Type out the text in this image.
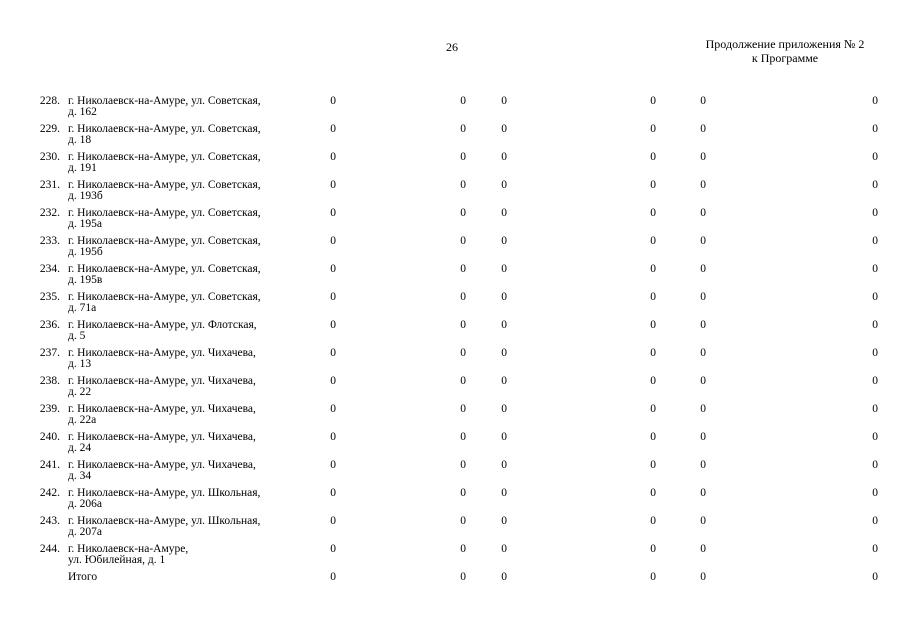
26	Продолжение приложения № 2
к Программе
228. г. Николаевск-на-Амуре, ул. Советская,
д. 162
0	0	0	0	0	0
229. г. Николаевск-на-Амуре, ул. Советская,
д. 18
0	0	0	0	0	0
230. г. Николаевск-на-Амуре, ул. Советская,
д. 191
0	0	0	0	0	0
231. г. Николаевск-на-Амуре, ул. Советская,
д. 193б
0	0	0	0	0	0
232. г. Николаевск-на-Амуре, ул. Советская,
д. 195а
0	0	0	0	0	0
233. г. Николаевск-на-Амуре, ул. Советская,
д. 195б
0	0	0	0	0	0
234. г. Николаевск-на-Амуре, ул. Советская,
д. 195в
0	0	0	0	0	0
235. г. Николаевск-на-Амуре, ул. Советская,
д. 71а
0	0	0	0	0	0
236. г. Николаевск-на-Амуре, ул. Флотская,
д. 5
0	0	0	0	0	0
237. г. Николаевск-на-Амуре, ул. Чихачева,
д. 13
0	0	0	0	0	0
238. г. Николаевск-на-Амуре, ул. Чихачева,
д. 22
0	0	0	0	0	0
239. г. Николаевск-на-Амуре, ул. Чихачева,
д. 22а
0	0	0	0	0	0
240. г. Николаевск-на-Амуре, ул. Чихачева,
д. 24
0	0	0	0	0	0
241. г. Николаевск-на-Амуре, ул. Чихачева,
д. 34
0	0	0	0	0	0
242. г. Николаевск-на-Амуре, ул. Школьная,
д. 206а
0	0	0	0	0	0
243. г. Николаевск-на-Амуре, ул. Школьная,
д. 207а
0	0	0	0	0	0
244. г. Николаевск-на-Амуре,
ул. Юбилейная, д. 1
0	0	0	0	0	0
Итого	0	0	0	0	0	0
